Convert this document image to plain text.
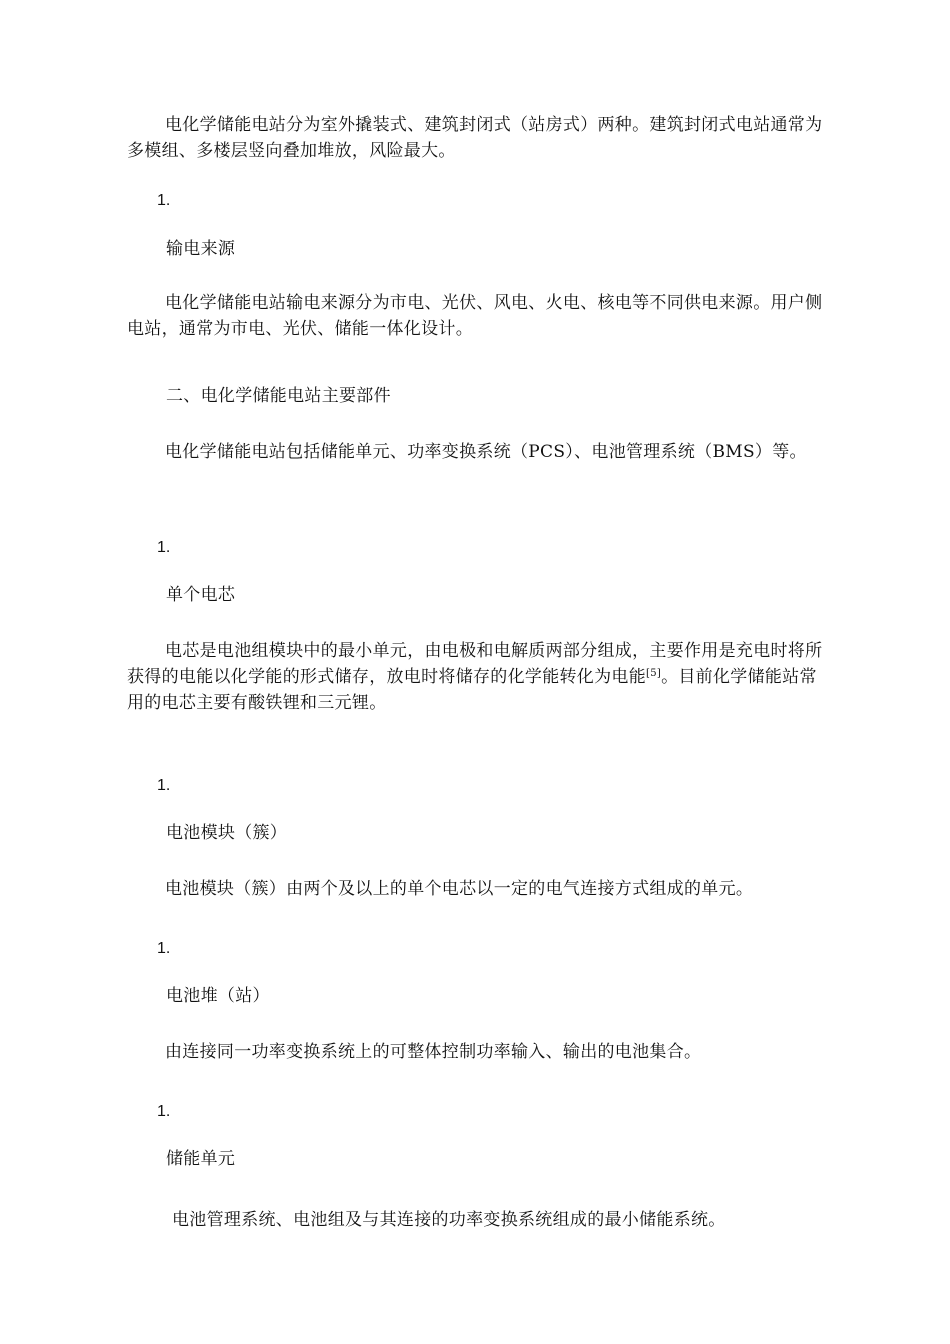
电化学储能电站分为室外撬装式、建筑封闭式（站房式）两种。建筑封闭式电站通常为多模组、多楼层竖向叠加堆放，风险最大。

1.

输电来源

电化学储能电站输电来源分为市电、光伏、风电、火电、核电等不同供电来源。用户侧电站，通常为市电、光伏、储能一体化设计。

二、电化学储能电站主要部件

电化学储能电站包括储能单元、功率变换系统（PCS）、电池管理系统（BMS）等。

1.

单个电芯

电芯是电池组模块中的最小单元，由电极和电解质两部分组成，主要作用是充电时将所获得的电能以化学能的形式储存，放电时将储存的化学能转化为电能[5]。目前化学储能站常用的电芯主要有酸铁锂和三元锂。

1.

电池模块（簇）

电池模块（簇）由两个及以上的单个电芯以一定的电气连接方式组成的单元。

1.

电池堆（站）

由连接同一功率变换系统上的可整体控制功率输入、输出的电池集合。

1.

储能单元

电池管理系统、电池组及与其连接的功率变换系统组成的最小储能系统。
